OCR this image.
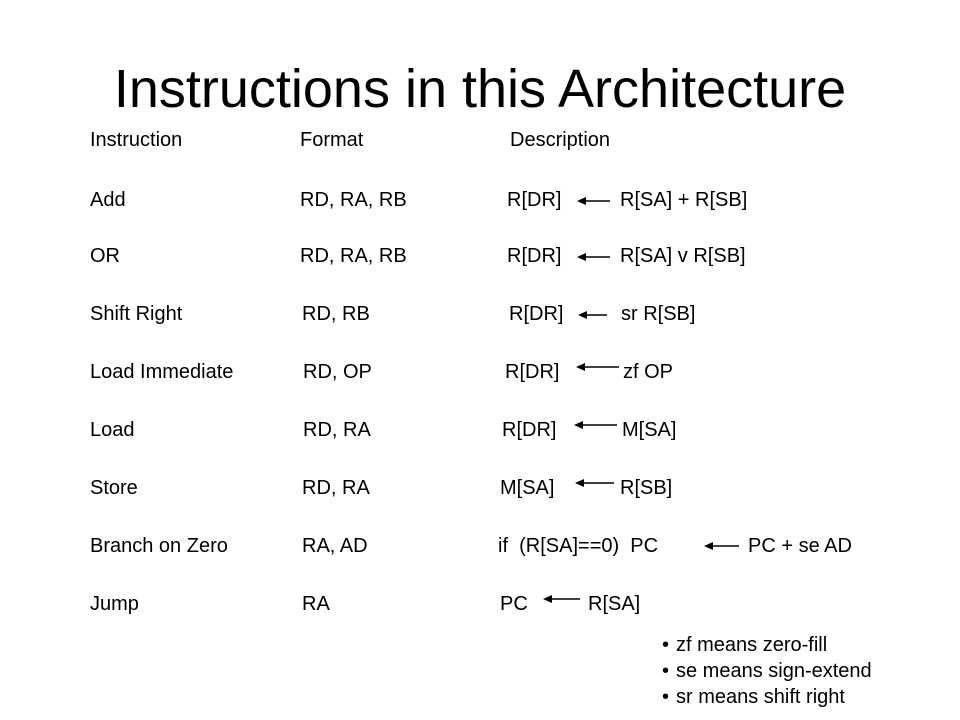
Instructions in this Architecture
Instruction	Format	Description
Add	RD, RA, RB	R[DR]	R[SA] + R[SB]
OR	RD, RA, RB	R[DR]	R[SA] v R[SB]
Shift Right	RD, RB	R[DR]	sr R[SB]
Load Immediate	RD, OP	R[DR]	zf OP
Load	RD, RA	R[DR]	M[SA]
Store	RD, RA	M[SA]	R[SB]
Branch on Zero	RA, AD	if  (R[SA]==0)  PC	PC + se AD
Jump	RA	PC	R[SA]
• zf means zero-fill
• se means sign-extend
• sr means shift right
